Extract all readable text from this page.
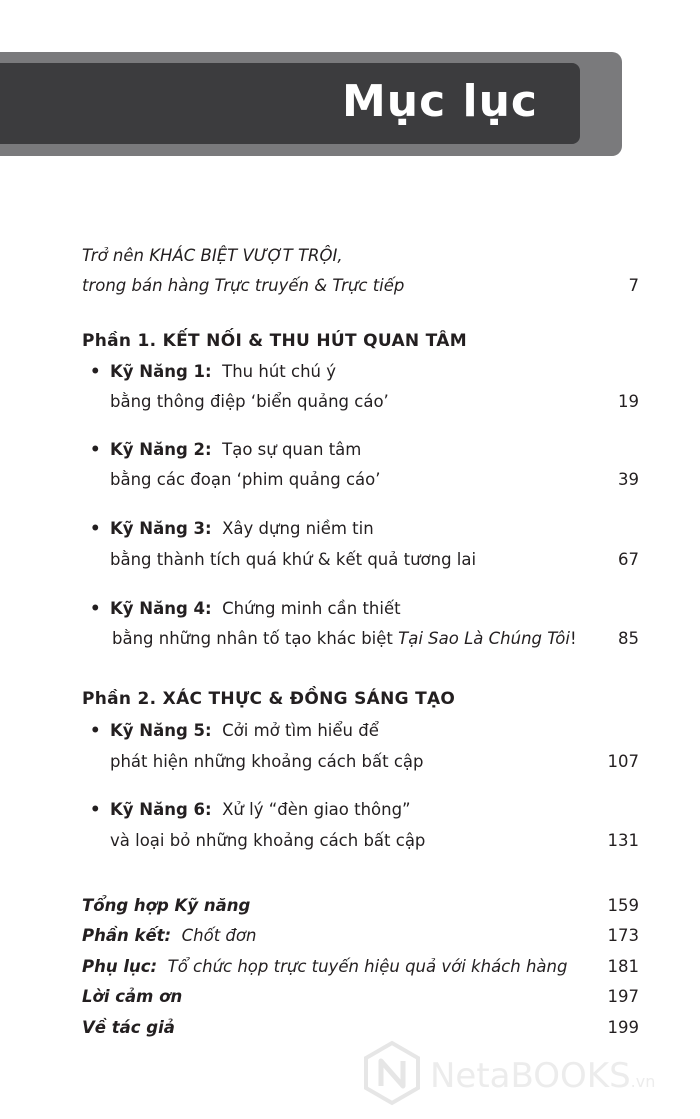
Mục lục
Trở nên KHÁC BIỆT VƯỢT TRỘI,
trong bán hàng Trực truyến & Trực tiếp	7
Phần 1. KẾT NỐI & THU HÚT QUAN TÂM
• Kỹ Năng 1: Thu hút chú ý
bằng thông điệp ‘biển quảng cáo’	19
• Kỹ Năng 2: Tạo sự quan tâm
bằng các đoạn ‘phim quảng cáo’	39
• Kỹ Năng 3: Xây dựng niềm tin
bằng thành tích quá khứ & kết quả tương lai	67
• Kỹ Năng 4: Chứng minh cần thiết
bằng những nhân tố tạo khác biệt Tại Sao Là Chúng Tôi!	85
Phần 2. XÁC THỰC & ĐỒNG SÁNG TẠO
• Kỹ Năng 5: Cởi mở tìm hiểu để
phát hiện những khoảng cách bất cập	107
• Kỹ Năng 6: Xử lý “đèn giao thông”
và loại bỏ những khoảng cách bất cập	131
Tổng hợp Kỹ năng	159
Phần kết:  Chốt đơn	173
Phụ lục:  Tổ chức họp trực tuyến hiệu quả với khách hàng 181
Lời cảm ơn	197
Về tác giả	199
NetaBOOKS.vn
